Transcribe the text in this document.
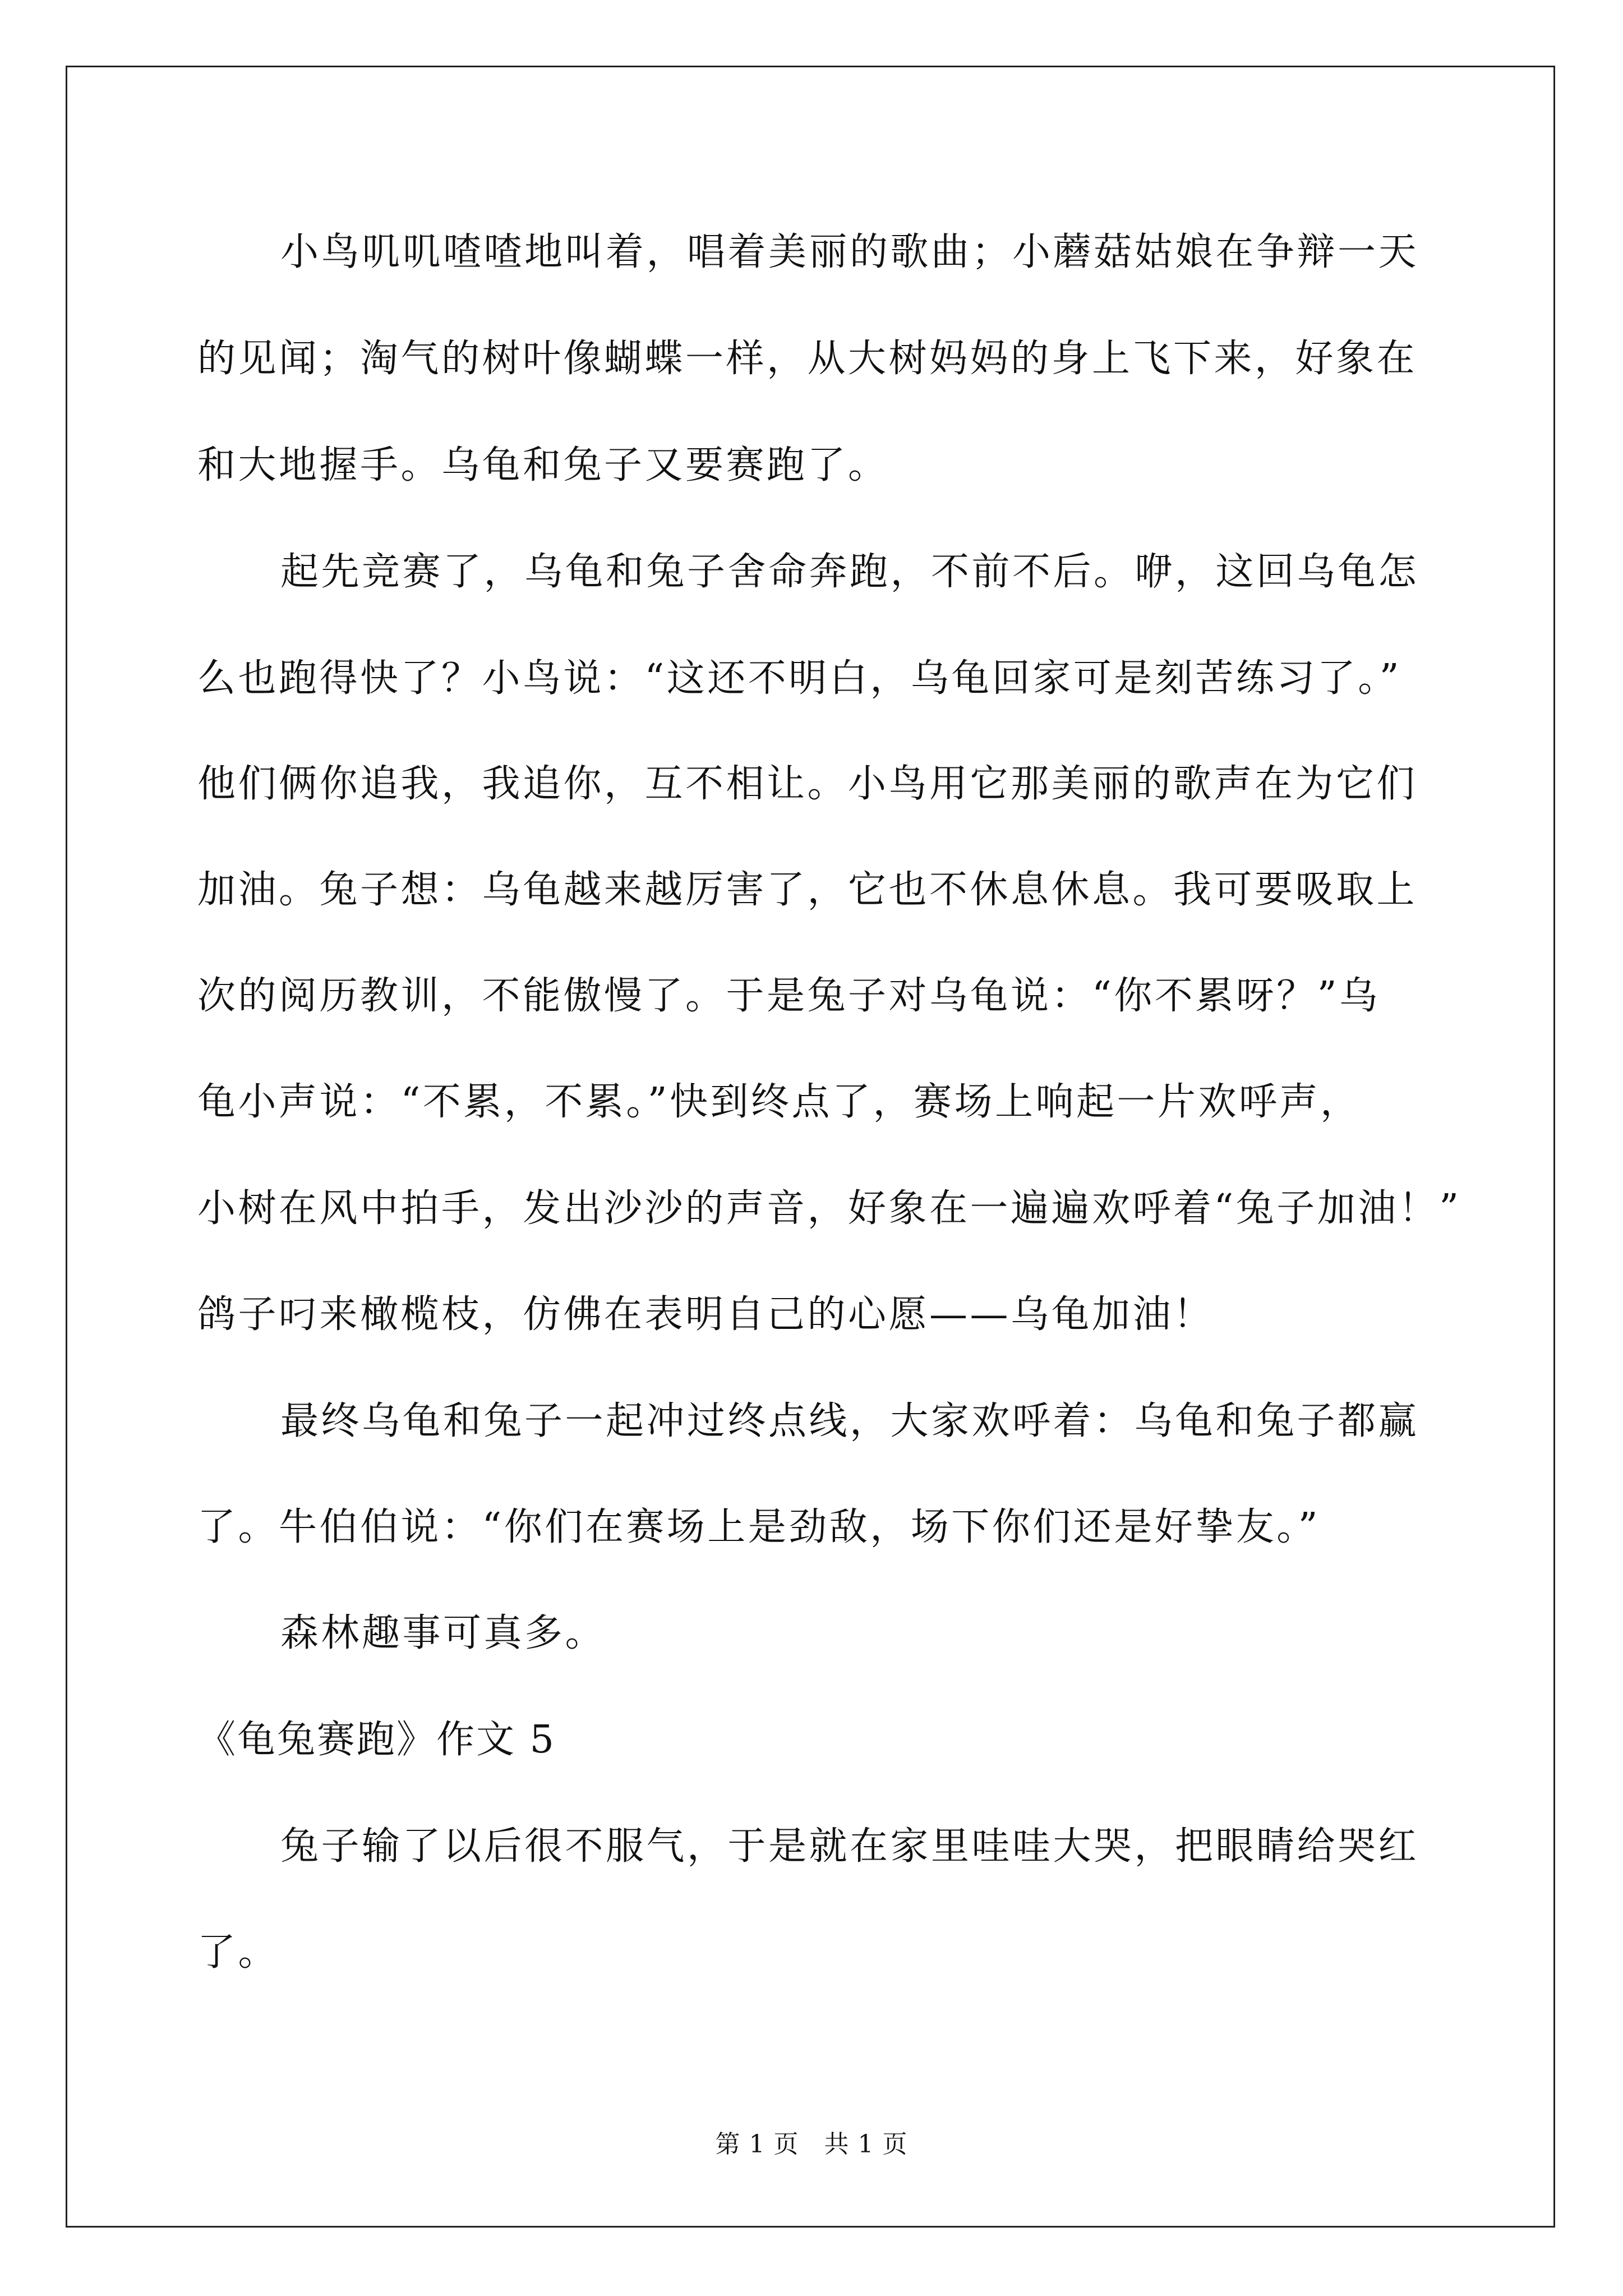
小鸟叽叽喳喳地叫着，唱着美丽的歌曲；小蘑菇姑娘在争辩一天
的见闻；淘气的树叶像蝴蝶一样，从大树妈妈的身上飞下来，好象在
和大地握手。乌龟和兔子又要赛跑了。
起先竞赛了，乌龟和兔子舍命奔跑，不前不后。咿，这回乌龟怎
么也跑得快了？小鸟说：“这还不明白，乌龟回家可是刻苦练习了。”
他们俩你追我，我追你，互不相让。小鸟用它那美丽的歌声在为它们
加油。兔子想：乌龟越来越厉害了，它也不休息休息。我可要吸取上
次的阅历教训，不能傲慢了。于是兔子对乌龟说：“你不累呀？”乌
龟小声说：“不累，不累。”快到终点了，赛场上响起一片欢呼声，
小树在风中拍手，发出沙沙的声音，好象在一遍遍欢呼着“兔子加油！”
鸽子叼来橄榄枝，仿佛在表明自己的心愿——乌龟加油！
最终乌龟和兔子一起冲过终点线，大家欢呼着：乌龟和兔子都赢
了。牛伯伯说：“你们在赛场上是劲敌，场下你们还是好挚友。”
森林趣事可真多。
《龟兔赛跑》作文 5
兔子输了以后很不服气，于是就在家里哇哇大哭，把眼睛给哭红
了。
第 1 页　共 1 页
